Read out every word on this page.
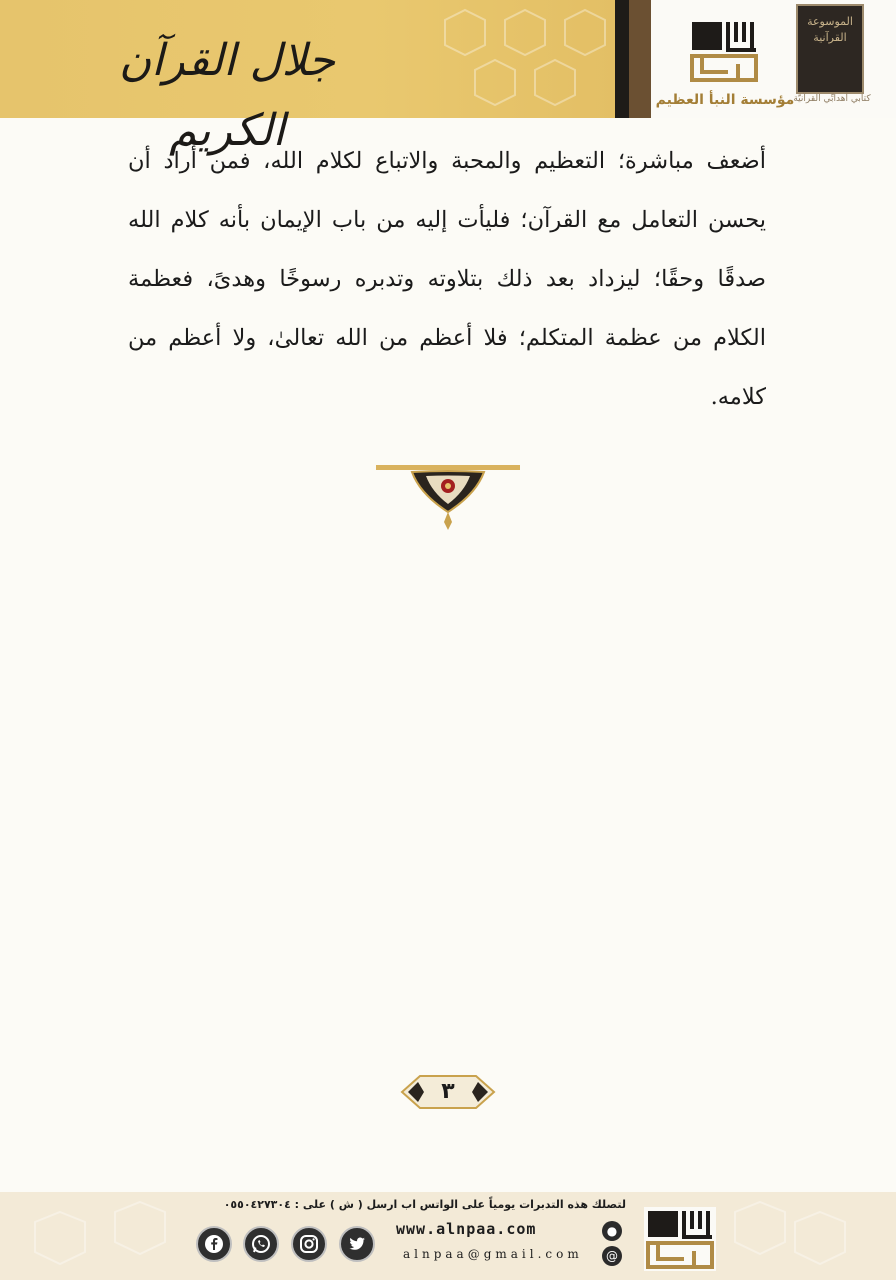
جلال القرآن الكريم
مؤسسة النبأ العظيم
الموسوعة القرآنية
كتابي أهدابِّي القرآنيّة

أضعف مباشرة؛ التعظيم والمحبة والاتباع لكلام الله، فمن أراد أن يحسن التعامل مع القرآن؛ فليأت إليه من باب الإيمان بأنه كلام الله صدقًا وحقًا؛ ليزداد بعد ذلك بتلاوته وتدبره رسوخًا وهدىً، فعظمة الكلام من عظمة المتكلم؛ فلا أعظم من الله تعالىٰ، ولا أعظم من كلامه.

٣
لتصلك هذه التدبرات يومياً على الواتس اب ارسل ( ش ) على : ٠٥٥٠٤٢٧٣٠٤
●
www.alnpaa.com
@
alnpaa@gmail.com
